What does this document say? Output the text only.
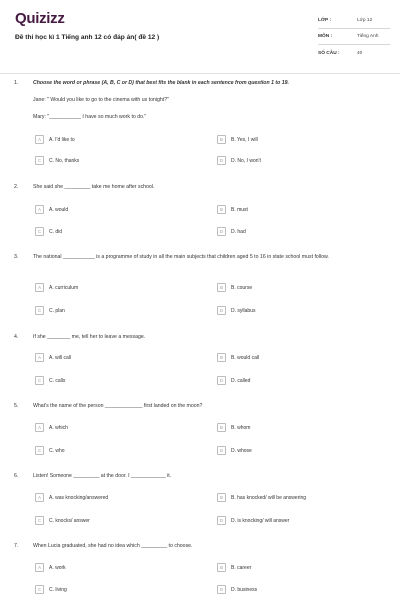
Quizizz
Đề thi học kì 1 Tiếng anh 12 có đáp án( đề 12 )
LỚP :	Lớp 12
MÔN :	Tiếng Anh
SỐ CÂU :	40
1.	Choose the word or phrase (A, B, C or D) that best fits the blank in each sentence from question 1 to 19.
Jane: " Would you like to go to the cinema with us tonight?"
Mary: "___________ I have so much work to do."
A	A. I'd like to	B	B. Yes, I will
C	C. No, thanks	D	D. No, I won't
2.	She said she _________ take me home after school.
A	A. would	B	B. must
C	C. did	D	D. had
3.	The national ___________ is a programme of study in all the main subjects that children aged 5 to 16 in state school must follow.
A	A. curriculum	B	B. course
C	C. plan	D	D. syllabus
4.	If she ________ me, tell her to leave a message.
A	A. will call	B	B. would call
C	C. calls	D	D. called
5.	What's the name of the person _____________ first landed on the moon?
A	A. which	B	B. whom
C	C. who	D	D. whose
6.	Listen! Someone _________ at the door. I ____________ it.
A	A. was knocking/answered	B	B. has knocked/ will be answering
C	C. knocks/ answer	D	D. is knocking/ will answer
7.	When Lucia graduated, she had no idea which _________ to choose.
A	A. work	B	B. career
C	C. living	D	D. business
